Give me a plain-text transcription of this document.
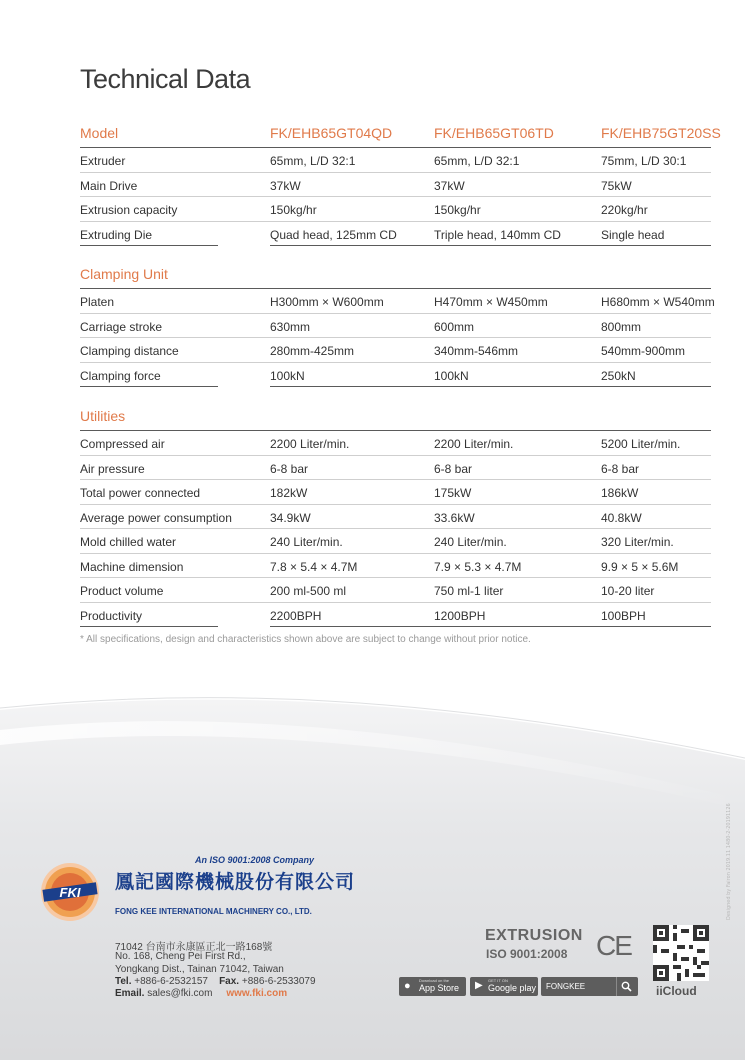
Technical Data
Model	FK/EHB65GT04QD	FK/EHB65GT06TD	FK/EHB75GT20SS
Extruder	65mm, L/D 32:1	65mm, L/D 32:1	75mm, L/D 30:1
Main Drive	37kW	37kW	75kW
Extrusion capacity	150kg/hr	150kg/hr	220kg/hr
Extruding Die	Quad head, 125mm CD	Triple head, 140mm CD	Single head
Clamping Unit
Platen	H300mm × W600mm	H470mm × W450mm	H680mm × W540mm
Carriage stroke	630mm	600mm	800mm
Clamping distance	280mm-425mm	340mm-546mm	540mm-900mm
Clamping force	100kN	100kN	250kN
Utilities
Compressed air	2200 Liter/min.	2200 Liter/min.	5200 Liter/min.
Air pressure	6-8 bar	6-8 bar	6-8 bar
Total power connected	182kW	175kW	186kW
Average power consumption	34.9kW	33.6kW	40.8kW
Mold chilled water	240 Liter/min.	240 Liter/min.	320 Liter/min.
Machine dimension	7.8 × 5.4 × 4.7M	7.9 × 5.3 × 4.7M	9.9 × 5 × 5.6M
Product volume	200 ml-500 ml	750 ml-1 liter	10-20 liter
Productivity	2200BPH	1200BPH	100BPH
* All specifications, design and characteristics shown above are subject to change without prior notice.
Designed by Fairon 2019.11 1480-2-20191126
An ISO 9001:2008 Company
FKI 鳳記國際機械股份有限公司
FONG KEE INTERNATIONAL MACHINERY CO., LTD.
71042 台南市永康區正北一路168號
No. 168, Cheng Pei First Rd.,
Yongkang Dist., Tainan 71042, Taiwan
Tel. +886-6-2532157 Fax. +886-6-2533079
Email. sales@fki.com www.fki.com
EXTRUSION
ISO 9001:2008 CE
iiCloud
● Download on the
App Store ▶ GET IT ON
Google play FONGKEE
